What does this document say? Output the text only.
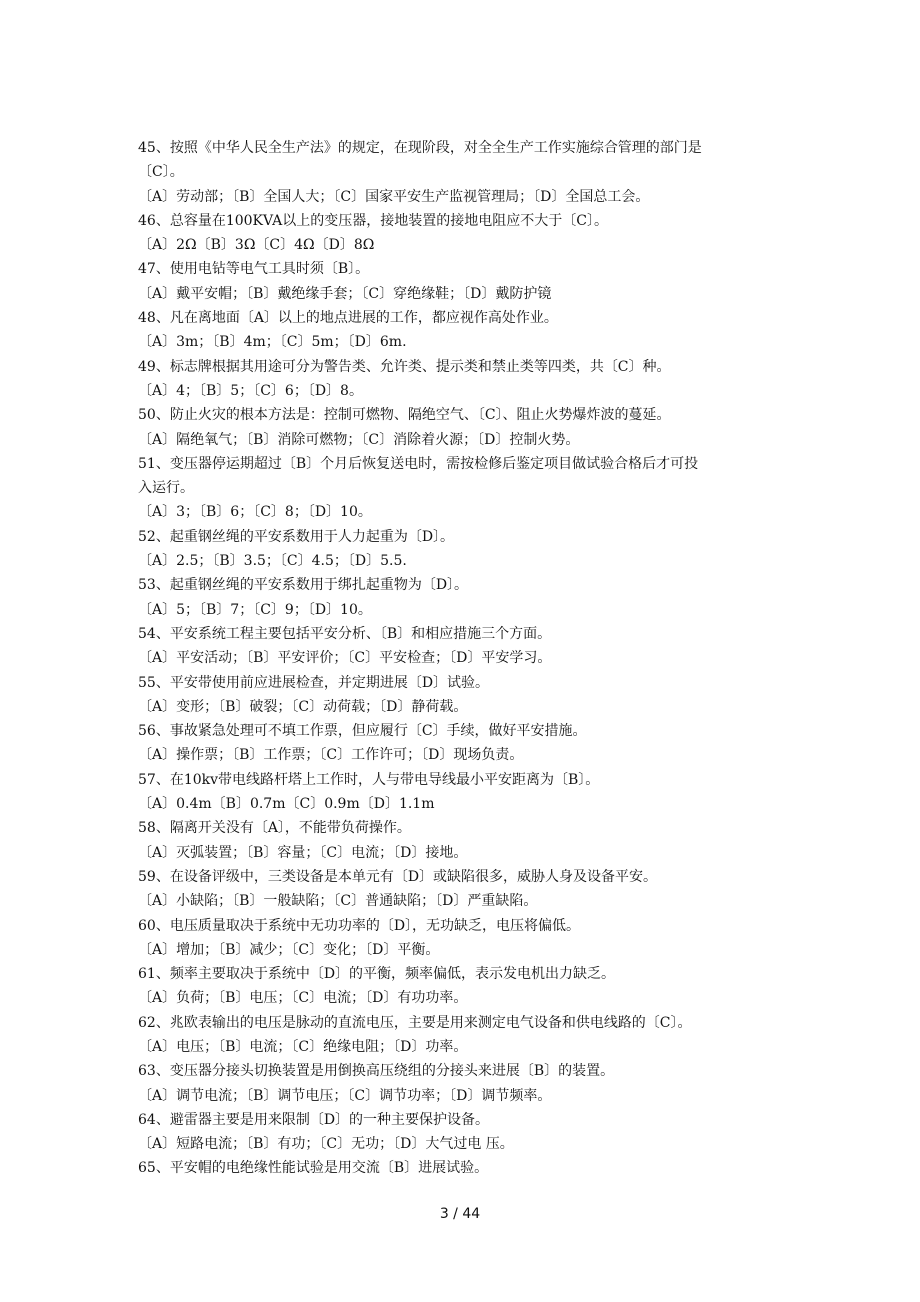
45、按照《中华人民全生产法》的规定，在现阶段，对全全生产工作实施综合管理的部门是
〔C〕。
〔A〕劳动部；〔B〕全国人大；〔C〕国家平安生产监视管理局；〔D〕全国总工会。
46、总容量在100KVA以上的变压器，接地装置的接地电阻应不大于〔C〕。
〔A〕2Ω〔B〕3Ω〔C〕4Ω〔D〕8Ω
47、使用电钻等电气工具时须〔B〕。
〔A〕戴平安帽；〔B〕戴绝缘手套；〔C〕穿绝缘鞋；〔D〕戴防护镜
48、凡在离地面〔A〕以上的地点进展的工作，都应视作高处作业。
〔A〕3m；〔B〕4m；〔C〕5m；〔D〕6m.
49、标志牌根据其用途可分为警告类、允许类、提示类和禁止类等四类，共〔C〕种。
〔A〕4；〔B〕5；〔C〕6；〔D〕8。
50、防止火灾的根本方法是：控制可燃物、隔绝空气、〔C〕、阻止火势爆炸波的蔓延。
〔A〕隔绝氧气；〔B〕消除可燃物；〔C〕消除着火源；〔D〕控制火势。
51、变压器停运期超过〔B〕个月后恢复送电时，需按检修后鉴定项目做试验合格后才可投
入运行。
〔A〕3；〔B〕6；〔C〕8；〔D〕10。
52、起重钢丝绳的平安系数用于人力起重为〔D〕。
〔A〕2.5；〔B〕3.5；〔C〕4.5；〔D〕5.5.
53、起重钢丝绳的平安系数用于绑扎起重物为〔D〕。
〔A〕5；〔B〕7；〔C〕9；〔D〕10。
54、平安系统工程主要包括平安分析、〔B〕和相应措施三个方面。
〔A〕平安活动；〔B〕平安评价；〔C〕平安检查；〔D〕平安学习。
55、平安带使用前应进展检查，并定期进展〔D〕试验。
〔A〕变形；〔B〕破裂；〔C〕动荷载；〔D〕静荷载。
56、事故紧急处理可不填工作票，但应履行〔C〕手续，做好平安措施。
〔A〕操作票；〔B〕工作票；〔C〕工作许可；〔D〕现场负责。
57、在10kv带电线路杆塔上工作时，人与带电导线最小平安距离为〔B〕。
〔A〕0.4m〔B〕0.7m〔C〕0.9m〔D〕1.1m
58、隔离开关没有〔A〕，不能带负荷操作。
〔A〕灭弧装置；〔B〕容量；〔C〕电流；〔D〕接地。
59、在设备评级中，三类设备是本单元有〔D〕或缺陷很多，威胁人身及设备平安。
〔A〕小缺陷；〔B〕一般缺陷；〔C〕普通缺陷；〔D〕严重缺陷。
60、电压质量取决于系统中无功功率的〔D〕，无功缺乏，电压将偏低。
〔A〕增加；〔B〕减少；〔C〕变化；〔D〕平衡。
61、频率主要取决于系统中〔D〕的平衡，频率偏低，表示发电机出力缺乏。
〔A〕负荷；〔B〕电压；〔C〕电流；〔D〕有功功率。
62、兆欧表输出的电压是脉动的直流电压，主要是用来测定电气设备和供电线路的〔C〕。
〔A〕电压；〔B〕电流；〔C〕绝缘电阻；〔D〕功率。
63、变压器分接头切换装置是用倒换高压绕组的分接头来进展〔B〕的装置。
〔A〕调节电流；〔B〕调节电压；〔C〕调节功率；〔D〕调节频率。
64、避雷器主要是用来限制〔D〕的一种主要保护设备。
〔A〕短路电流；〔B〕有功；〔C〕无功；〔D〕大气过电 压。
65、平安帽的电绝缘性能试验是用交流〔B〕进展试验。
3 / 44
